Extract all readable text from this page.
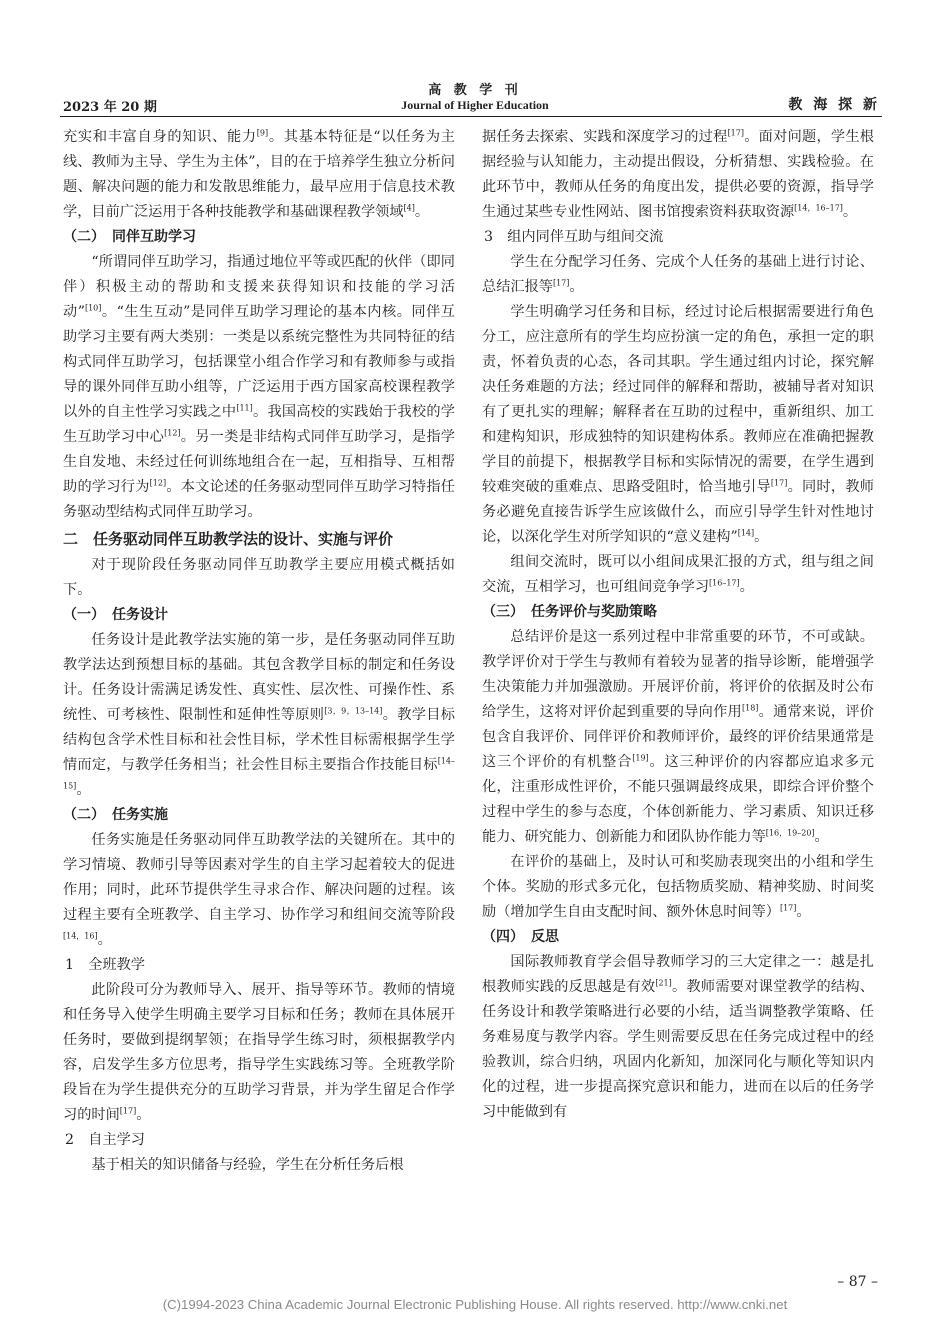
高 教 学 刊
Journal of Higher Education
2023 年 20 期	教 海 探 新

充实和丰富自身的知识、能力[9]。其基本特征是“以任务为主线、教师为主导、学生为主体”，目的在于培养学生独立分析问题、解决问题的能力和发散思维能力，最早应用于信息技术教学，目前广泛运用于各种技能教学和基础课程教学领域[4]。

（二）　同伴互助学习

“所谓同伴互助学习，指通过地位平等或匹配的伙伴（即同伴）积极主动的帮助和支援来获得知识和技能的学习活动”[10]。“生生互动”是同伴互助学习理论的基本内核。同伴互助学习主要有两大类别：一类是以系统完整性为共同特征的结构式同伴互助学习，包括课堂小组合作学习和有教师参与或指导的课外同伴互助小组等，广泛运用于西方国家高校课程教学以外的自主性学习实践之中[11]。我国高校的实践始于我校的学生互助学习中心[12]。另一类是非结构式同伴互助学习，是指学生自发地、未经过任何训练地组合在一起，互相指导、互相帮助的学习行为[12]。本文论述的任务驱动型同伴互助学习特指任务驱动型结构式同伴互助学习。

二　任务驱动同伴互助教学法的设计、实施与评价

对于现阶段任务驱动同伴互助教学主要应用模式概括如下。

（一）　任务设计

任务设计是此教学法实施的第一步，是任务驱动同伴互助教学法达到预想目标的基础。其包含教学目标的制定和任务设计。任务设计需满足诱发性、真实性、层次性、可操作性、系统性、可考核性、限制性和延伸性等原则[3，9，13–14]。教学目标结构包含学术性目标和社会性目标，学术性目标需根据学生学情而定，与教学任务相当；社会性目标主要指合作技能目标[14–15]。

（二）　任务实施

任务实施是任务驱动同伴互助教学法的关键所在。其中的学习情境、教师引导等因素对学生的自主学习起着较大的促进作用；同时，此环节提供学生寻求合作、解决问题的过程。该过程主要有全班教学、自主学习、协作学习和组间交流等阶段[14，16]。

1　全班教学

此阶段可分为教师导入、展开、指导等环节。教师的情境和任务导入使学生明确主要学习目标和任务；教师在具体展开任务时，要做到提纲挈领；在指导学生练习时，须根据教学内容，启发学生多方位思考，指导学生实践练习等。全班教学阶段旨在为学生提供充分的互助学习背景，并为学生留足合作学习的时间[17]。

2　自主学习

基于相关的知识储备与经验，学生在分析任务后根

据任务去探索、实践和深度学习的过程[17]。面对问题，学生根据经验与认知能力，主动提出假设，分析猜想、实践检验。在此环节中，教师从任务的角度出发，提供必要的资源，指导学生通过某些专业性网站、图书馆搜索资料获取资源[14，16–17]。

3　组内同伴互助与组间交流

学生在分配学习任务、完成个人任务的基础上进行讨论、总结汇报等[17]。

学生明确学习任务和目标，经过讨论后根据需要进行角色分工，应注意所有的学生均应扮演一定的角色，承担一定的职责，怀着负责的心态，各司其职。学生通过组内讨论，探究解决任务难题的方法；经过同伴的解释和帮助，被辅导者对知识有了更扎实的理解；解释者在互助的过程中，重新组织、加工和建构知识，形成独特的知识建构体系。教师应在准确把握教学目的前提下，根据教学目标和实际情况的需要，在学生遇到较难突破的重难点、思路受阻时，恰当地引导[17]。同时，教师务必避免直接告诉学生应该做什么，而应引导学生针对性地讨论，以深化学生对所学知识的“意义建构”[14]。

组间交流时，既可以小组间成果汇报的方式，组与组之间交流，互相学习，也可组间竞争学习[16–17]。

（三）　任务评价与奖励策略

总结评价是这一系列过程中非常重要的环节，不可或缺。教学评价对于学生与教师有着较为显著的指导诊断，能增强学生决策能力并加强激励。开展评价前，将评价的依据及时公布给学生，这将对评价起到重要的导向作用[18]。通常来说，评价包含自我评价、同伴评价和教师评价，最终的评价结果通常是这三个评价的有机整合[19]。这三种评价的内容都应追求多元化，注重形成性评价，不能只强调最终成果，即综合评价整个过程中学生的参与态度，个体创新能力、学习素质、知识迁移能力、研究能力、创新能力和团队协作能力等[16，19–20]。

在评价的基础上，及时认可和奖励表现突出的小组和学生个体。奖励的形式多元化，包括物质奖励、精神奖励、时间奖励（增加学生自由支配时间、额外休息时间等）[17]。

（四）　反思

国际教师教育学会倡导教师学习的三大定律之一：越是扎根教师实践的反思越是有效[21]。教师需要对课堂教学的结构、任务设计和教学策略进行必要的小结，适当调整教学策略、任务难易度与教学内容。学生则需要反思在任务完成过程中的经验教训，综合归纳，巩固内化新知，加深同化与顺化等知识内化的过程，进一步提高探究意识和能力，进而在以后的任务学习中能做到有

– 87 –
(C)1994-2023 China Academic Journal Electronic Publishing House. All rights reserved. http://www.cnki.net
